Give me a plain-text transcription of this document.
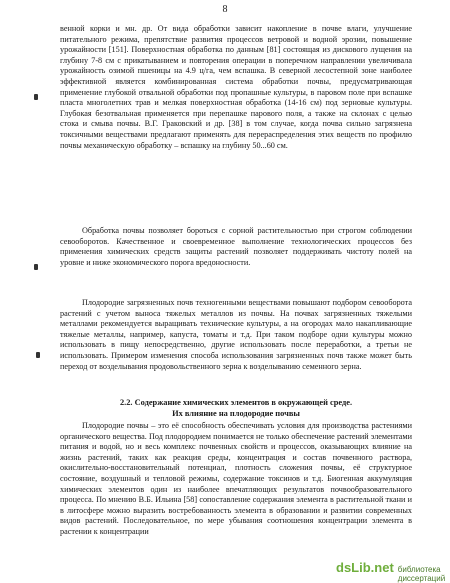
8

венной корки и мн. др. От вида обработки зависит накопление в почве влаги, улучшение питательного режима, препятствие развития процессов ветровой и водной эрозии, повышение урожайности [151]. Поверхностная обработка по данным [81] состоящая из дискового лущения на глубину 7-8 см с прикатыванием и повторения операции в поперечном направлении увеличивала урожайность озимой пшеницы на 4.9 ц/га, чем вспашка. В северной лесостепной зоне наиболее эффективной является комбинированная система обработки почвы, предусматривающая применение глубокой отвальной обработки под пропашные культуры, в паровом поле при вспашке пласта многолетних трав и мелкая поверхностная обработка (14-16 см) под зерновые культуры. Глубокая безотвальная применяется при перепашке парового поля, а также на склонах с целью стока и смыва почвы. В.Г. Граковский и др. [38] в том случае, когда почва сильно загрязнена токсичными веществами предлагают применять для перераспределения этих веществ по профилю почвы механическую обработку – вспашку на глубину 50...60 см.

Обработка почвы позволяет бороться с сорной растительностью при строгом соблюдении севооборотов. Качественное и своевременное выполнение технологических процессов без применения химических средств защиты растений позволяет поддерживать чистоту полей на уровне и ниже экономического порога вредоносности.

Плодородие загрязненных почв техногенными веществами повышают подбором севооборота растений с учетом выноса тяжелых металлов из почвы. На почвах загрязненных тяжелыми металлами рекомендуется выращивать технические культуры, а на огородах мало накапливающие тяжелые металлы, например, капуста, томаты и т.д. При таком подборе одни культуры можно использовать в пищу непосредственно, другие использовать после переработки, а третьи не использовать. Примером изменения способа использования загрязненных почв также может быть переход от возделывания продовольственного зерна к возделыванию семенного зерна.

2.2. Содержание химических элементов в окружающей среде.
Их влияние на плодородие почвы

Плодородие почвы – это её способность обеспечивать условия для производства растениями органического вещества. Под плодородием понимается не только обеспечение растений элементами питания и водой, но и весь комплекс почвенных свойств и процессов, оказывающих влияние на жизнь растений, таких как реакция среды, концентрация и состав почвенного раствора, окислительно-восстановительный потенциал, плотность сложения почвы, её структурное состояние, воздушный и тепловой режимы, содержание токсинов и т.д. Биогенная аккумуляция химических элементов один из наиболее впечатляющих результатов почвообразовательного процесса. По мнению В.Б. Ильина [58] сопоставление содержания элемента в растительной ткани и в литосфере можно выразить востребованность элемента в образовании и развитии современных видов растений. Последовательное, по мере убывания соотношения концентрации элемента в растении к концентрации

dsLib.net библиотека диссертаций
